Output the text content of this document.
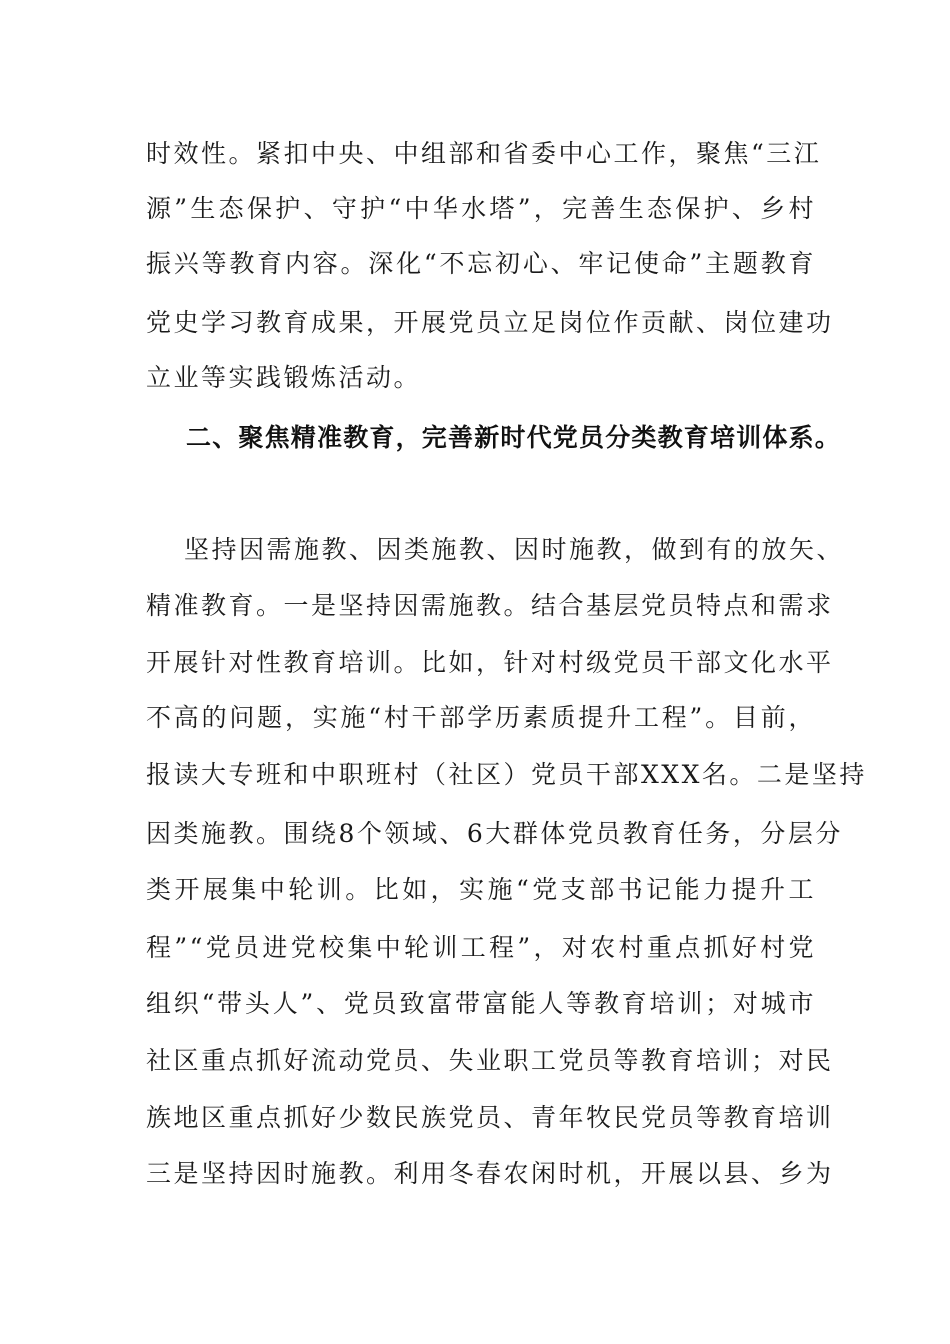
时效性。紧扣中央、中组部和省委中心工作，聚焦“三江
源”生态保护、守护“中华水塔”，完善生态保护、乡村
振兴等教育内容。深化“不忘初心、牢记使命”主题教育
党史学习教育成果，开展党员立足岗位作贡献、岗位建功
立业等实践锻炼活动。
二、聚焦精准教育，完善新时代党员分类教育培训体系。
坚持因需施教、因类施教、因时施教，做到有的放矢、
精准教育。一是坚持因需施教。结合基层党员特点和需求
开展针对性教育培训。比如，针对村级党员干部文化水平
不高的问题，实施“村干部学历素质提升工程”。目前，
报读大专班和中职班村（社区）党员干部XXX名。二是坚持
因类施教。围绕8个领域、6大群体党员教育任务，分层分
类开展集中轮训。比如，实施“党支部书记能力提升工
程”“党员进党校集中轮训工程”，对农村重点抓好村党
组织“带头人”、党员致富带富能人等教育培训；对城市
社区重点抓好流动党员、失业职工党员等教育培训；对民
族地区重点抓好少数民族党员、青年牧民党员等教育培训
三是坚持因时施教。利用冬春农闲时机，开展以县、乡为
